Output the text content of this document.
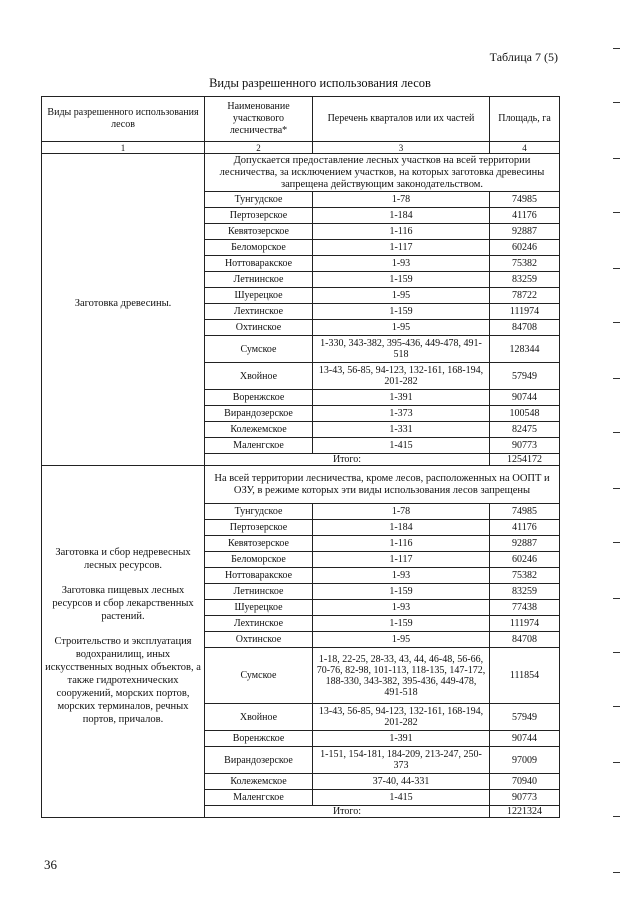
Таблица 7 (5)
Виды разрешенного использования лесов
Виды разрешенного использования лесов	Наименование участкового лесничества*	Перечень кварталов или их частей	Площадь, га
1	2	3	4

Заготовка древесины.	Допускается предоставление лесных участков на всей территории лесничества, за исключением участков, на которых заготовка древесины запрещена действующим законодательством.		
	Тунгудское	1-78	74985
	Пертозерское	1-184	41176
	Кевятозерское	1-116	92887
	Беломорское	1-117	60246
	Ноттоваракское	1-93	75382
	Летнинское	1-159	83259
	Шуерецкое	1-95	78722
	Лехтинское	1-159	111974
	Охтинское	1-95	84708
	Сумское	1-330, 343-382, 395-436, 449-478, 491-518	128344
	Хвойное	13-43, 56-85, 94-123, 132-161, 168-194, 201-282	57949
	Воренжское	1-391	90744
	Вирандозерское	1-373	100548
	Колежемское	1-331	82475
	Маленгское	1-415	90773
	Итого:		1254172

Заготовка и сбор недревесных лесных ресурсов.

Заготовка пищевых лесных ресурсов и сбор лекарственных растений.

Строительство и эксплуатация водохранилищ, иных искусственных водных объектов, а также гидротехнических сооружений, морских портов, морских терминалов, речных портов, причалов.	На всей территории лесничества, кроме лесов, расположенных на ООПТ и ОЗУ, в режиме которых эти виды использования лесов запрещены		
	Тунгудское	1-78	74985
	Пертозерское	1-184	41176
	Кевятозерское	1-116	92887
	Беломорское	1-117	60246
	Ноттоваракское	1-93	75382
	Летнинское	1-159	83259
	Шуерецкое	1-93	77438
	Лехтинское	1-159	111974
	Охтинское	1-95	84708
	Сумское	1-18, 22-25, 28-33, 43, 44, 46-48, 56-66, 70-76, 82-98, 101-113, 118-135, 147-172, 188-330, 343-382, 395-436, 449-478, 491-518	111854
	Хвойное	13-43, 56-85, 94-123, 132-161, 168-194, 201-282	57949
	Воренжское	1-391	90744
	Вирандозерское	1-151, 154-181, 184-209, 213-247, 250-373	97009
	Колежемское	37-40, 44-331	70940
	Маленгское	1-415	90773
	Итого:		1221324
36
